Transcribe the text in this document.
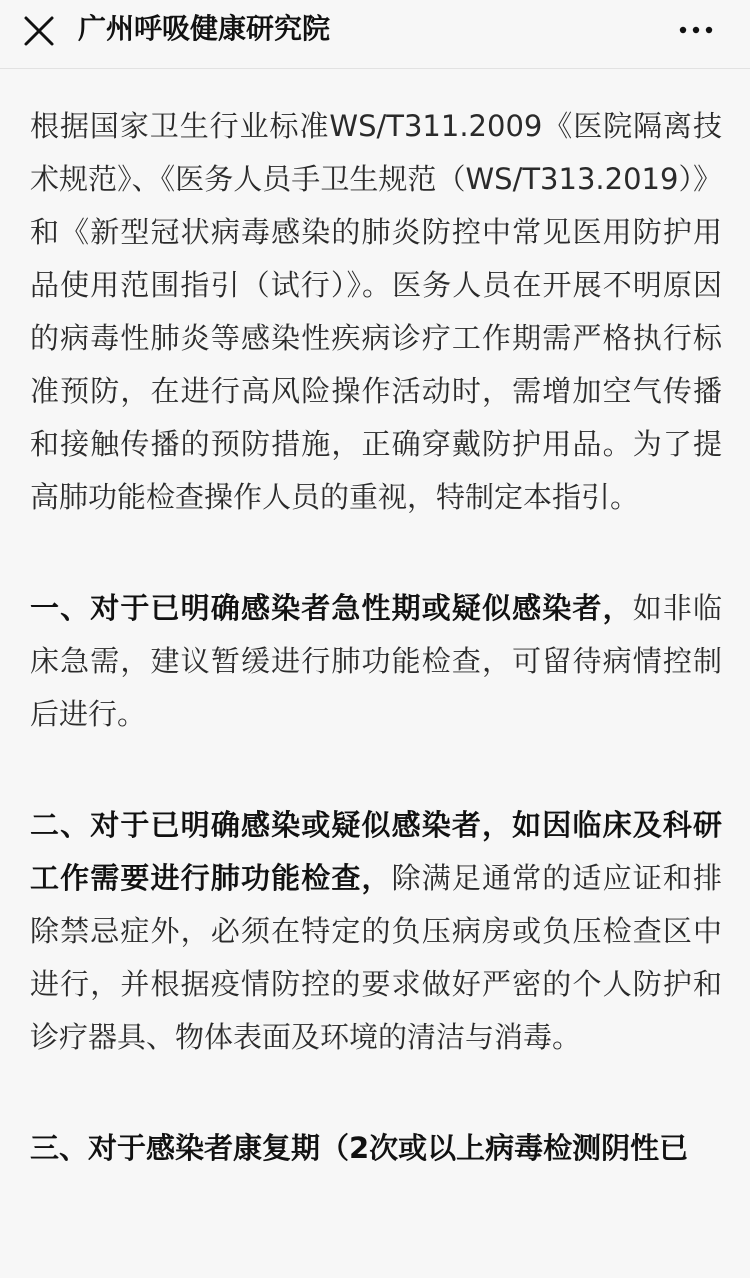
广州呼吸健康研究院

根据国家卫生行业标准WS/T311.2009《医院隔离技术规范》、《医务人员手卫生规范（WS/T313.2019）》和《新型冠状病毒感染的肺炎防控中常见医用防护用品使用范围指引（试行）》。医务人员在开展不明原因的病毒性肺炎等感染性疾病诊疗工作期需严格执行标准预防，在进行高风险操作活动时，需增加空气传播和接触传播的预防措施，正确穿戴防护用品。为了提高肺功能检查操作人员的重视，特制定本指引。

一、对于已明确感染者急性期或疑似感染者，如非临床急需，建议暂缓进行肺功能检查，可留待病情控制后进行。

二、对于已明确感染或疑似感染者，如因临床及科研工作需要进行肺功能检查，除满足通常的适应证和排除禁忌症外，必须在特定的负压病房或负压检查区中进行，并根据疫情防控的要求做好严密的个人防护和诊疗器具、物体表面及环境的清洁与消毒。

三、对于感染者康复期（2次或以上病毒检测阴性已
